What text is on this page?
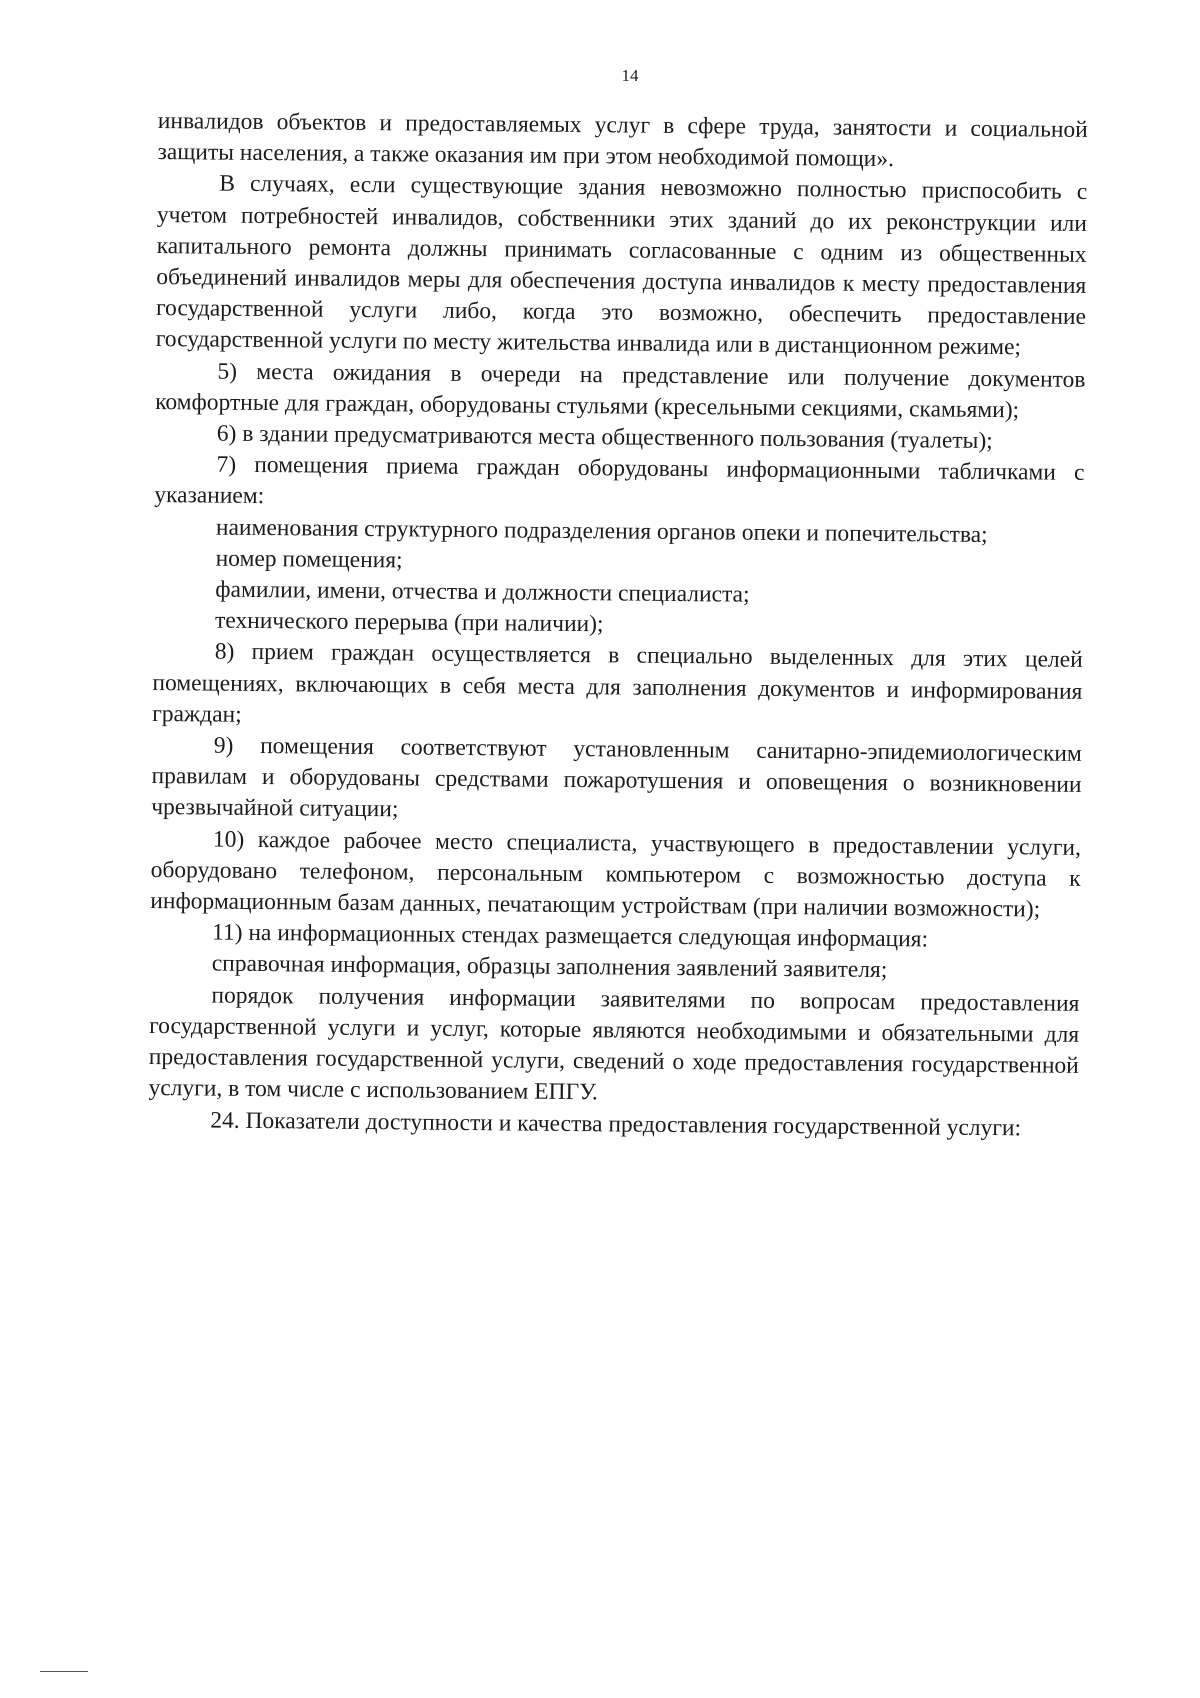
14

инвалидов объектов и предоставляемых услуг в сфере труда, занятости и социальной защиты населения, а также оказания им при этом необходимой помощи».

В случаях, если существующие здания невозможно полностью приспособить с учетом потребностей инвалидов, собственники этих зданий до их реконструкции или капитального ремонта должны принимать согласованные с одним из общественных объединений инвалидов меры для обеспечения доступа инвалидов к месту предоставления государственной услуги либо, когда это возможно, обеспечить предоставление государственной услуги по месту жительства инвалида или в дистанционном режиме;

5) места ожидания в очереди на представление или получение документов комфортные для граждан, оборудованы стульями (кресельными секциями, скамьями);

6) в здании предусматриваются места общественного пользования (туалеты);

7) помещения приема граждан оборудованы информационными табличками с указанием:

наименования структурного подразделения органов опеки и попечительства;

номер помещения;

фамилии, имени, отчества и должности специалиста;

технического перерыва (при наличии);

8) прием граждан осуществляется в специально выделенных для этих целей помещениях, включающих в себя места для заполнения документов и информирования граждан;

9) помещения соответствуют установленным санитарно-эпидемиологическим правилам и оборудованы средствами пожаротушения и оповещения о возникновении чрезвычайной ситуации;

10) каждое рабочее место специалиста, участвующего в предоставлении услуги, оборудовано телефоном, персональным компьютером с возможностью доступа к информационным базам данных, печатающим устройствам (при наличии возможности);

11) на информационных стендах размещается следующая информация:

справочная информация, образцы заполнения заявлений заявителя;

порядок получения информации заявителями по вопросам предоставления государственной услуги и услуг, которые являются необходимыми и обязательными для предоставления государственной услуги, сведений о ходе предоставления государственной услуги, в том числе с использованием ЕПГУ.

24. Показатели доступности и качества предоставления государственной услуги:
